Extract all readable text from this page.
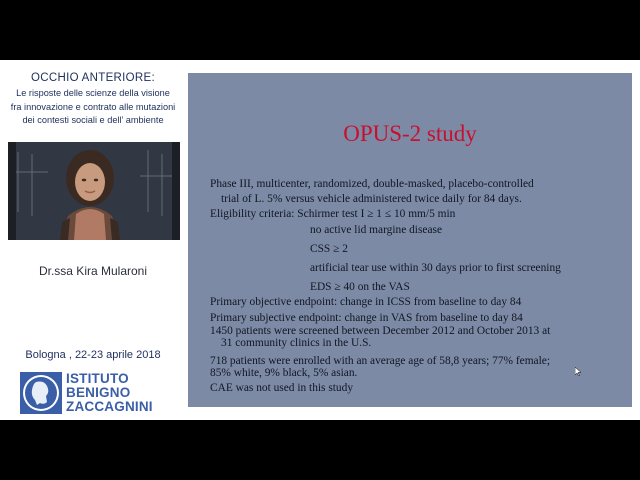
OCCHIO ANTERIORE:
Le risposte delle scienze della visione
fra innovazione e contrato alle mutazioni
dei contesti sociali e dell’ ambiente
Dr.ssa Kira Mularoni
Bologna , 22-23 aprile 2018
ISTITUTO
BENIGNO
ZACCAGNINI
OPUS-2 study
Phase III, multicenter, randomized, double-masked, placebo-controlled
trial of L. 5% versus vehicle administered twice daily for 84 days.
Eligibility criteria: Schirmer test I ≥ 1 ≤ 10 mm/5 min
no active lid margine disease
CSS ≥ 2
artificial tear use within 30 days prior to first screening
EDS ≥ 40 on the VAS
Primary objective endpoint: change in ICSS from baseline to day 84
Primary subjective endpoint: change in VAS from baseline to day 84
1450 patients were screened between December 2012 and October 2013 at
31 community clinics in the U.S.
718 patients were enrolled with an average age of 58,8 years; 77% female;
85% white, 9% black, 5% asian.
CAE was not used in this study
